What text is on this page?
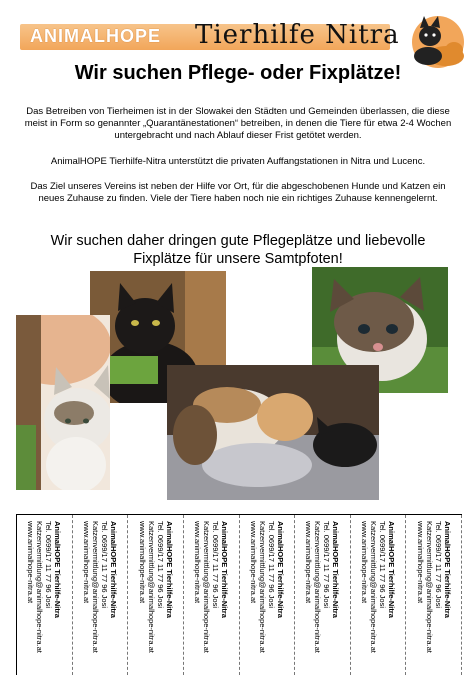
ANIMALHOPE Tierhilfe Nitra
Wir suchen Pflege- oder Fixplätze!

Das Betreiben von Tierheimen ist in der Slowakei den Städten und Gemeinden überlassen, die diese meist in Form so genannter „Quarantänestationen“ betreiben, in denen die Tiere für etwa 2-4 Wochen untergebracht und nach Ablauf dieser Frist getötet werden.

AnimalHOPE Tierhilfe-Nitra unterstützt die privaten Auffangstationen in Nitra und Lucenc.

Das Ziel unseres Vereins ist neben der Hilfe vor Ort, für die abgeschobenen Hunde und Katzen ein neues Zuhause zu finden. Viele der Tiere haben noch nie ein richtiges Zuhause kennengelernt.

Wir suchen daher dringen gute Pflegeplätze und liebevolle Fixplätze für unsere Samtpfoten!

AnimalHOPE Tierhilfe-Nitra
Tel. 0699/17 11 77 96 Josi
Katzenvermittlung@animalhope-nitra.at
www.animalhope-nitra.at	AnimalHOPE Tierhilfe-Nitra
Tel. 0699/17 11 77 96 Josi
Katzenvermittlung@animalhope-nitra.at
www.animalhope-nitra.at	AnimalHOPE Tierhilfe-Nitra
Tel. 0699/17 11 77 96 Josi
Katzenvermittlung@animalhope-nitra.at
www.animalhope-nitra.at	AnimalHOPE Tierhilfe-Nitra
Tel. 0699/17 11 77 96 Josi
Katzenvermittlung@animalhope-nitra.at
www.animalhope-nitra.at	AnimalHOPE Tierhilfe-Nitra
Tel. 0699/17 11 77 96 Josi
Katzenvermittlung@animalhope-nitra.at
www.animalhope-nitra.at	AnimalHOPE Tierhilfe-Nitra
Tel. 0699/17 11 77 96 Josi
Katzenvermittlung@animalhope-nitra.at
www.animalhope-nitra.at	AnimalHOPE Tierhilfe-Nitra
Tel. 0699/17 11 77 96 Josi
Katzenvermittlung@animalhope-nitra.at
www.animalhope-nitra.at	AnimalHOPE Tierhilfe-Nitra
Tel. 0699/17 11 77 96 Josi
Katzenvermittlung@animalhope-nitra.at
www.animalhope-nitra.at
